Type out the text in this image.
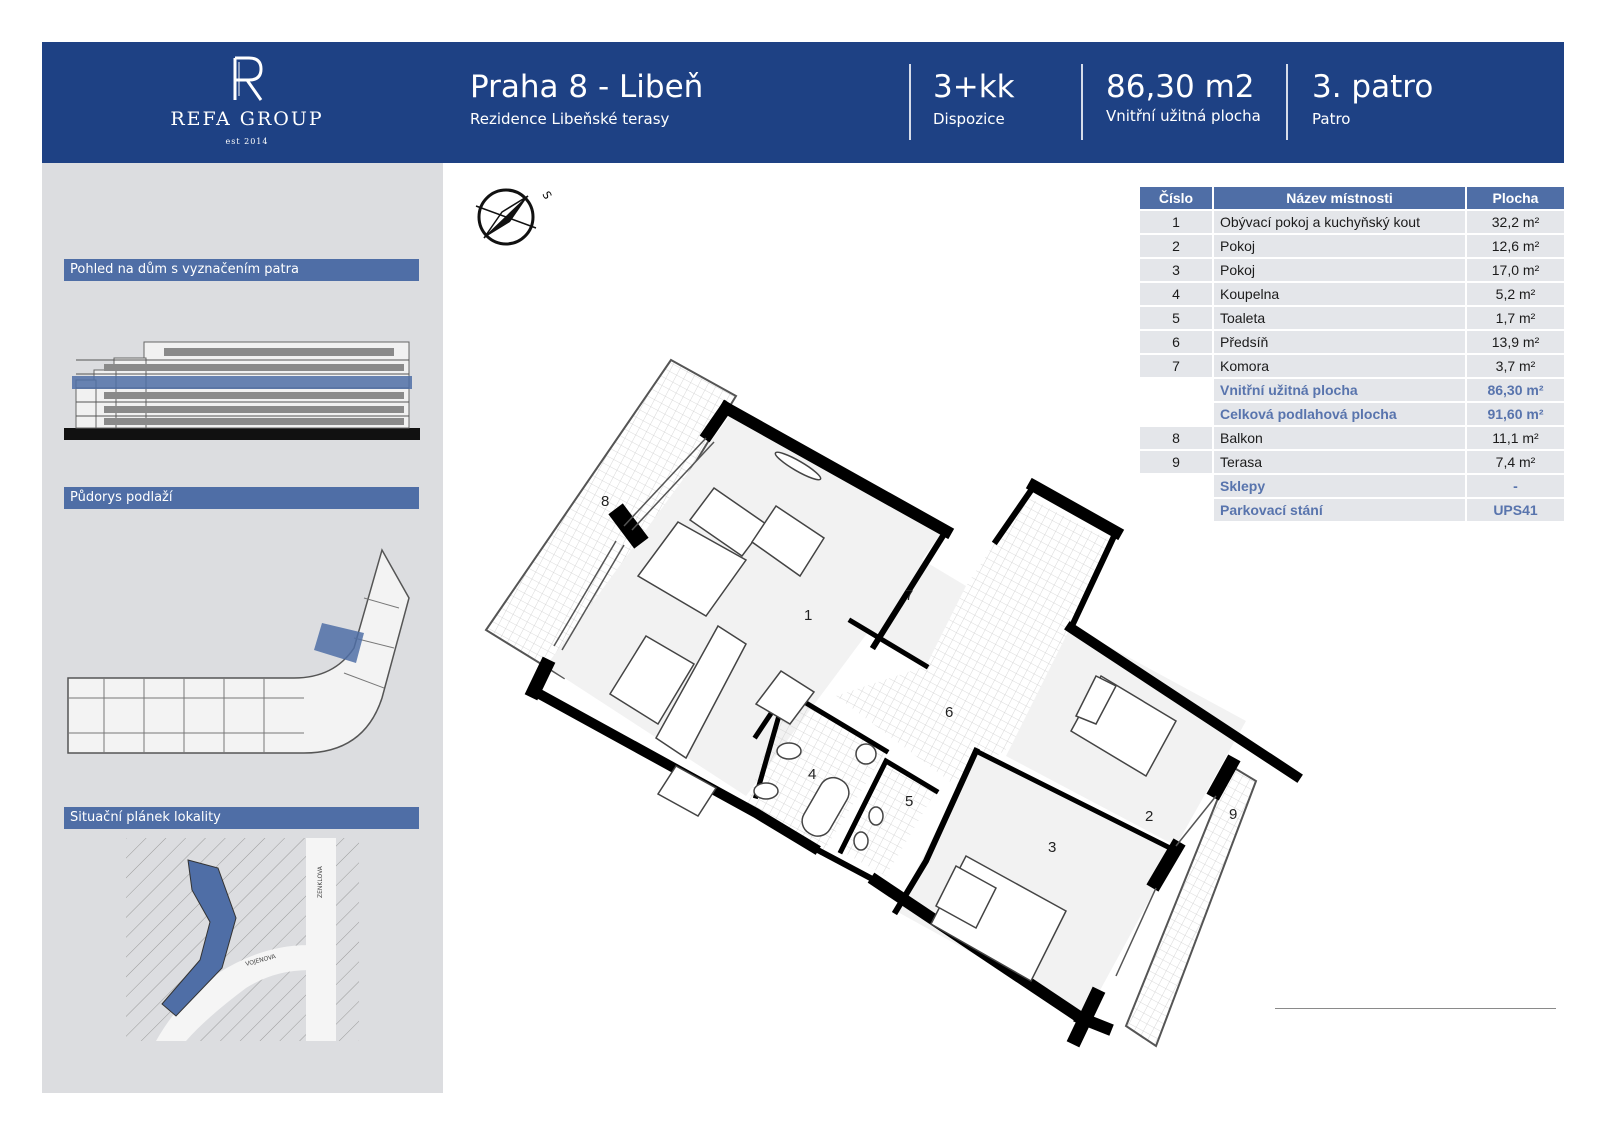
REFA GROUP
est 2014
Praha 8 - Libeň
Rezidence Libeňské terasy
3+kk
Dispozice
86,30 m2
Vnitřní užitná plocha
3. patro
Patro
Pohled na dům s vyznačením patra
Půdorys podlaží
Situační plánek lokality
ZENKLOVA
VOJENOVA
Číslo	Název místnosti	Plocha
1	Obývací pokoj a kuchyňský kout	32,2 m²
2	Pokoj	12,6 m²
3	Pokoj	17,0 m²
4	Koupelna	5,2 m²
5	Toaleta	1,7 m²
6	Předsíň	13,9 m²
7	Komora	3,7 m²
	Vnitřní užitná plocha	86,30 m²
	Celková podlahová plocha	91,60 m²
8	Balkon	11,1 m²
9	Terasa	7,4 m²
	Sklepy	-
	Parkovací stání	UPS41
S
8
1
7
6
4
5
3
2	9
